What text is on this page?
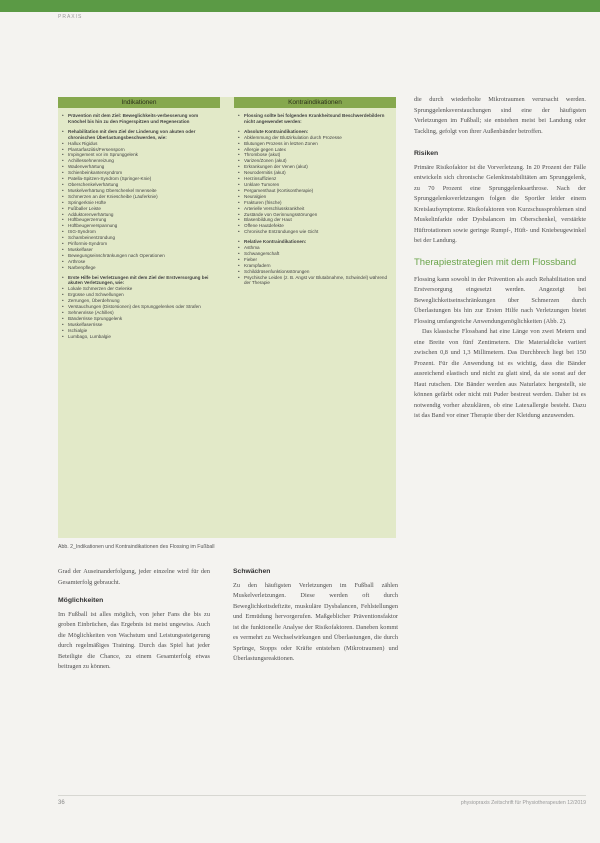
PRAXIS
Indikationen
• Prävention mit dem Ziel: Beweglichkeits-verbesserung vom Knöchel bis hin zu den Fingerspitzen und Regeneration
• Rehabilitation mit dem Ziel der Linderung von akuten oder chronischen Überlastungsbeschwerden, wie:
• Hallux Rigidus
• Plantarfasziitis/Fersensporn
• Impingement vor im Sprunggelenk
• Achillessehnenreizung
• Wadenverhärtung
• Schienbeinkantensyndrom
• Patella-Spitzen-Syndrom (Springer-Knie)
• Oberschenkelverhärtung
• Muskelverhärtung Oberschenkel Innenseite
• Schmerzen an der Kniescheibe (Läuferknie)
• Springerknie Hüfte
• Fußballer Leiste
• Adduktorenverhärtung
• Hüftbeugerzerrung
• Hüftbeugerverspannung
• ISG-Syndrom
• Schambeinentzündung
• Piriformis-Syndrom
• Muskelfaser
• Bewegungseinschränkungen nach Operationen
• Arthrose
• Narbenpflege
• Erste Hilfe bei Verletzungen mit dem Ziel der Erstversorgung bei akuten Verletzungen, wie:
• Lokale Schmerzen der Gelenke
• Ergüsse und Schwellungen
• Zerrungen, Überdehnung
• Verstauchungen (Distorsionen) des Sprunggelenkes oder Strafen
• Sehnenrisse (Achilles)
• Bänderrisse Sprunggelenk
• Muskelfaserrisse
• Ischialgie
• Lumbago, Lumbalgie
Kontraindikationen
• Flossing sollte bei folgenden Krankheitsund Beschwerdebildern nicht angewendet werden:
• Absolute Kontraindikationen:
• Abklemmung der Blutzirkulation durch Prozesse
• Blutungen Prozess im letzten Zonen
• Allergie gegen Latex
• Thrombose (akut)
• Varizen/Zonen (akut)
• Erkrankungen der Venen (akut)
• Neurodermitis (akut)
• Herzinsuffizienz
• Unklare Tumoren
• Pergamenthaut (Kortisontherapie)
• Neuralgien
• Frakturen (frische)
• Arterielle Verschlusskrankheit
• Zustände von Gerinnungsstörungen
• Blasenbildung der Haut
• Offene Hautdefekte
• Chronische Entzündungen wie Gicht
• Relative Kontraindikationen:
• Asthma
• Schwangerschaft
• Fieber
• Krampfadern
• Schilddrüsenfunktionsstörungen
• Psychische Leiden (z. B. Angst vor Blutabnahme, Schwindel) während der Therapie
Abb. 2_Indikationen und Kontraindikationen des Flossing im Fußball

Grad der Auseinanderfolgung, jeder einzelne wird für den Gesamterfolg gebraucht.

Möglichkeiten

Im Fußball ist alles möglich, von jeher Fans die bis zu groben Einbrüchen, das Ergebnis ist meist ungewiss. Auch die Möglichkeiten von Wachstum und Leistungssteigerung durch regelmäßiges Training. Durch das Spiel hat jeder Beteiligte die Chance, zu einem Gesamterfolg etwas beitragen zu können.

Schwächen

Zu den häufigsten Verletzungen im Fußball zählen Muskelverletzungen. Diese werden oft durch Beweglichkeitsdefizite, muskuläre Dysbalancen, Fehlstellungen und Ermüdung hervorgerufen. Maßgeblicher Präventionsfaktor ist die funktionelle Analyse der Risikofaktoren. Daneben kommt es vermehrt zu Wechselwirkungen und Überlastungen, die durch Sprünge, Stopps oder Kräfte entstehen (Mikrotraumen) und Überlastungsreaktionen.

die durch wiederholte Mikrotraumen verursacht werden. Sprunggelenksverstauchungen sind eine der häufigsten Verletzungen im Fußball; sie entstehen meist bei Landung oder Tackling, gefolgt von ihrer Außenbänder betroffen.

Risiken

Primäre Risikofaktor ist die Vorverletzung. In 20 Prozent der Fälle entwickeln sich chronische Gelenkinstabilitäten am Sprunggelenk, zu 70 Prozent eine Sprunggelenksarthrose. Nach der Sprunggelenksverletzungen folgen die Sportler leider einem Kreislaufsymptome. Risikofaktoren von Kurzschussproblemen sind Muskelinfarkte oder Dysbalancen im Oberschenkel, verstärkte Hüftrotationen sowie geringe Rumpf-, Hüft- und Kniebeugewinkel bei der Landung.

Therapiestrategien mit dem Flossband

Flossing kann sowohl in der Prävention als auch Rehabilitation und Erstversorgung eingesetzt werden. Angezeigt bei Beweglichkeitseinschränkungen über Schmerzen durch Überlastungen bis hin zur Ersten Hilfe nach Verletzungen bietet Flossing umfangreiche Anwendungsmöglichkeiten (Abb. 2).

Das klassische Flossband hat eine Länge von zwei Metern und eine Breite von fünf Zentimetern. Die Materialdicke variiert zwischen 0,8 und 1,3 Millimetern. Das Durchbrech liegt bei 150 Prozent. Für die Anwendung ist es wichtig, dass die Bänder ausreichend elastisch und nicht zu glatt sind, da sie sonst auf der Haut rutschen. Die Bänder werden aus Naturlatex hergestellt, sie können gefärbt oder nicht mit Puder bestreut werden. Daher ist es notwendig vorher abzuklären, ob eine Latexallergie besteht. Dazu ist das Band vor einer Therapie über der Kleidung anzuwenden.

36	physiopraxis Zeitschrift für Physiotherapeuten 12/2019
